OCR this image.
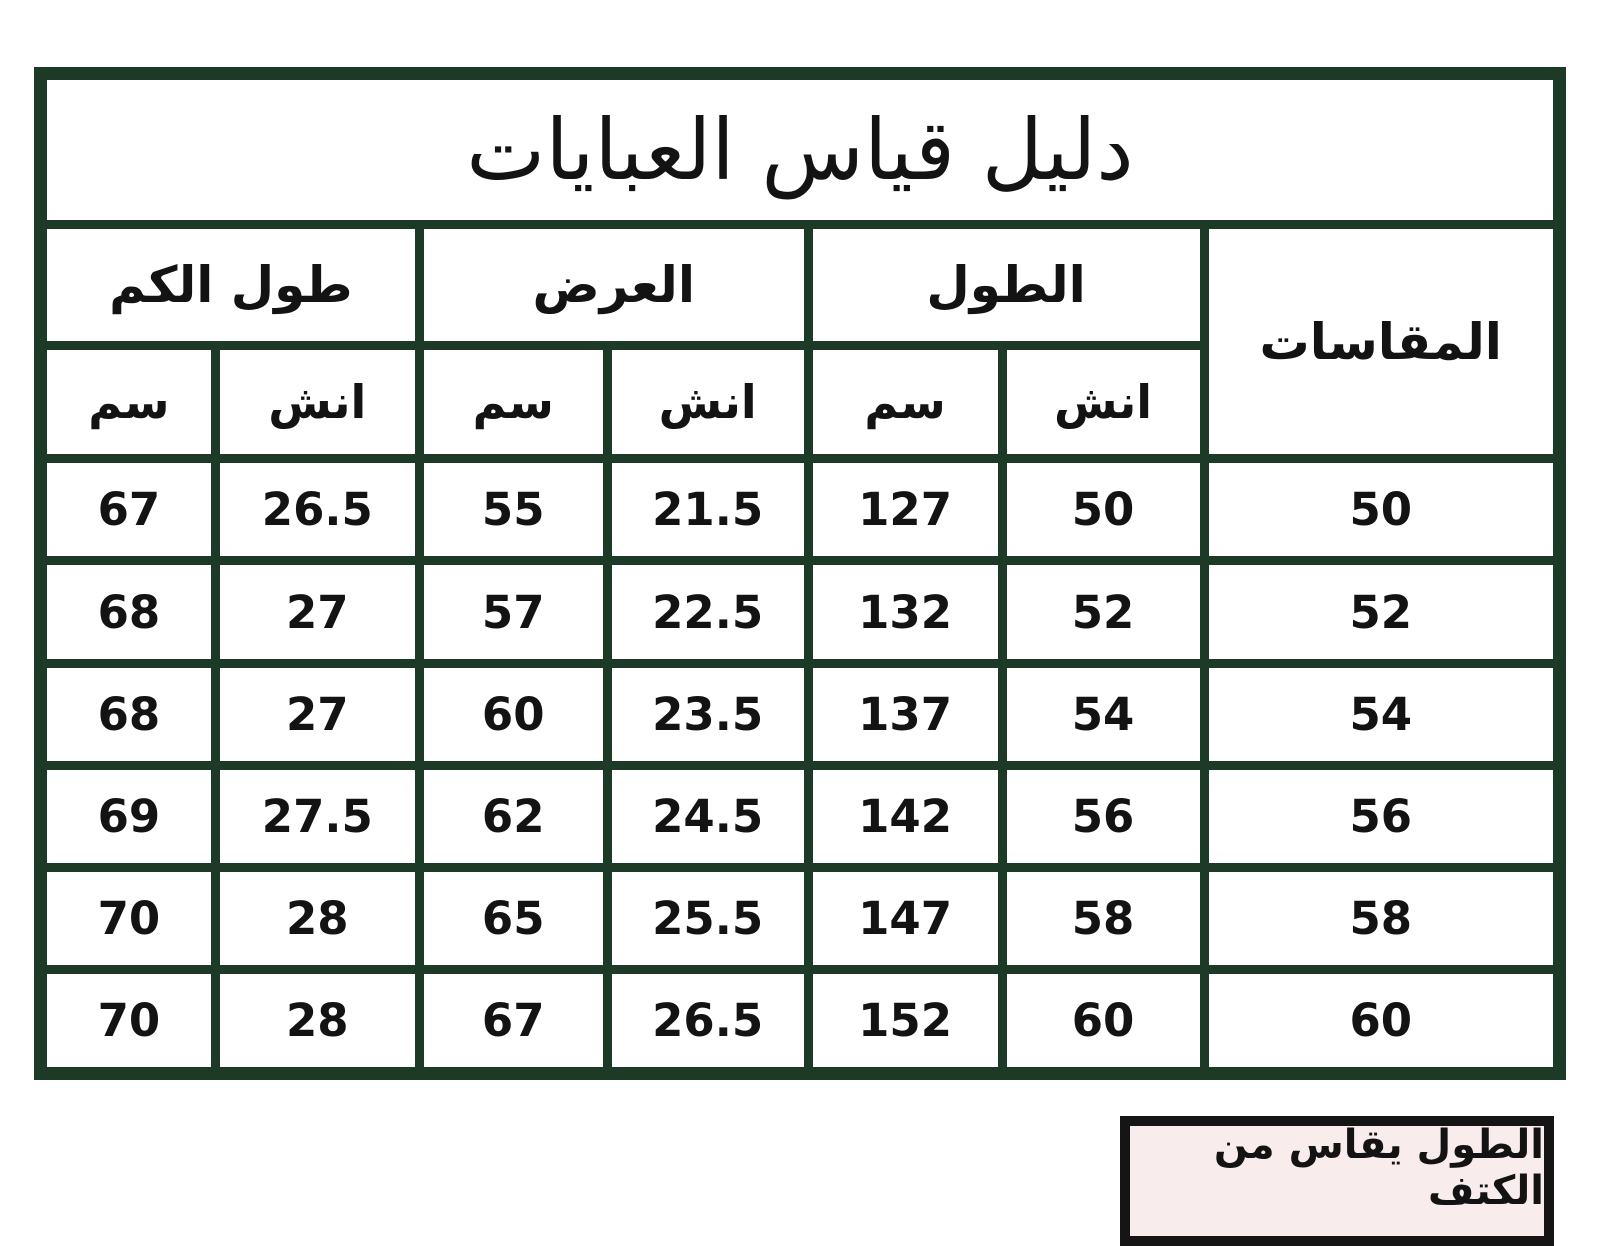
دليل قياس العبايات						
المقاسات	الطول		العرض		طول الكم	
	انش	سم	انش	سم	انش	سم
50	50	127	21.5	55	26.5	67
52	52	132	22.5	57	27	68
54	54	137	23.5	60	27	68
56	56	142	24.5	62	27.5	69
58	58	147	25.5	65	28	70
60	60	152	26.5	67	28	70
الطول يقاس من الكتف
